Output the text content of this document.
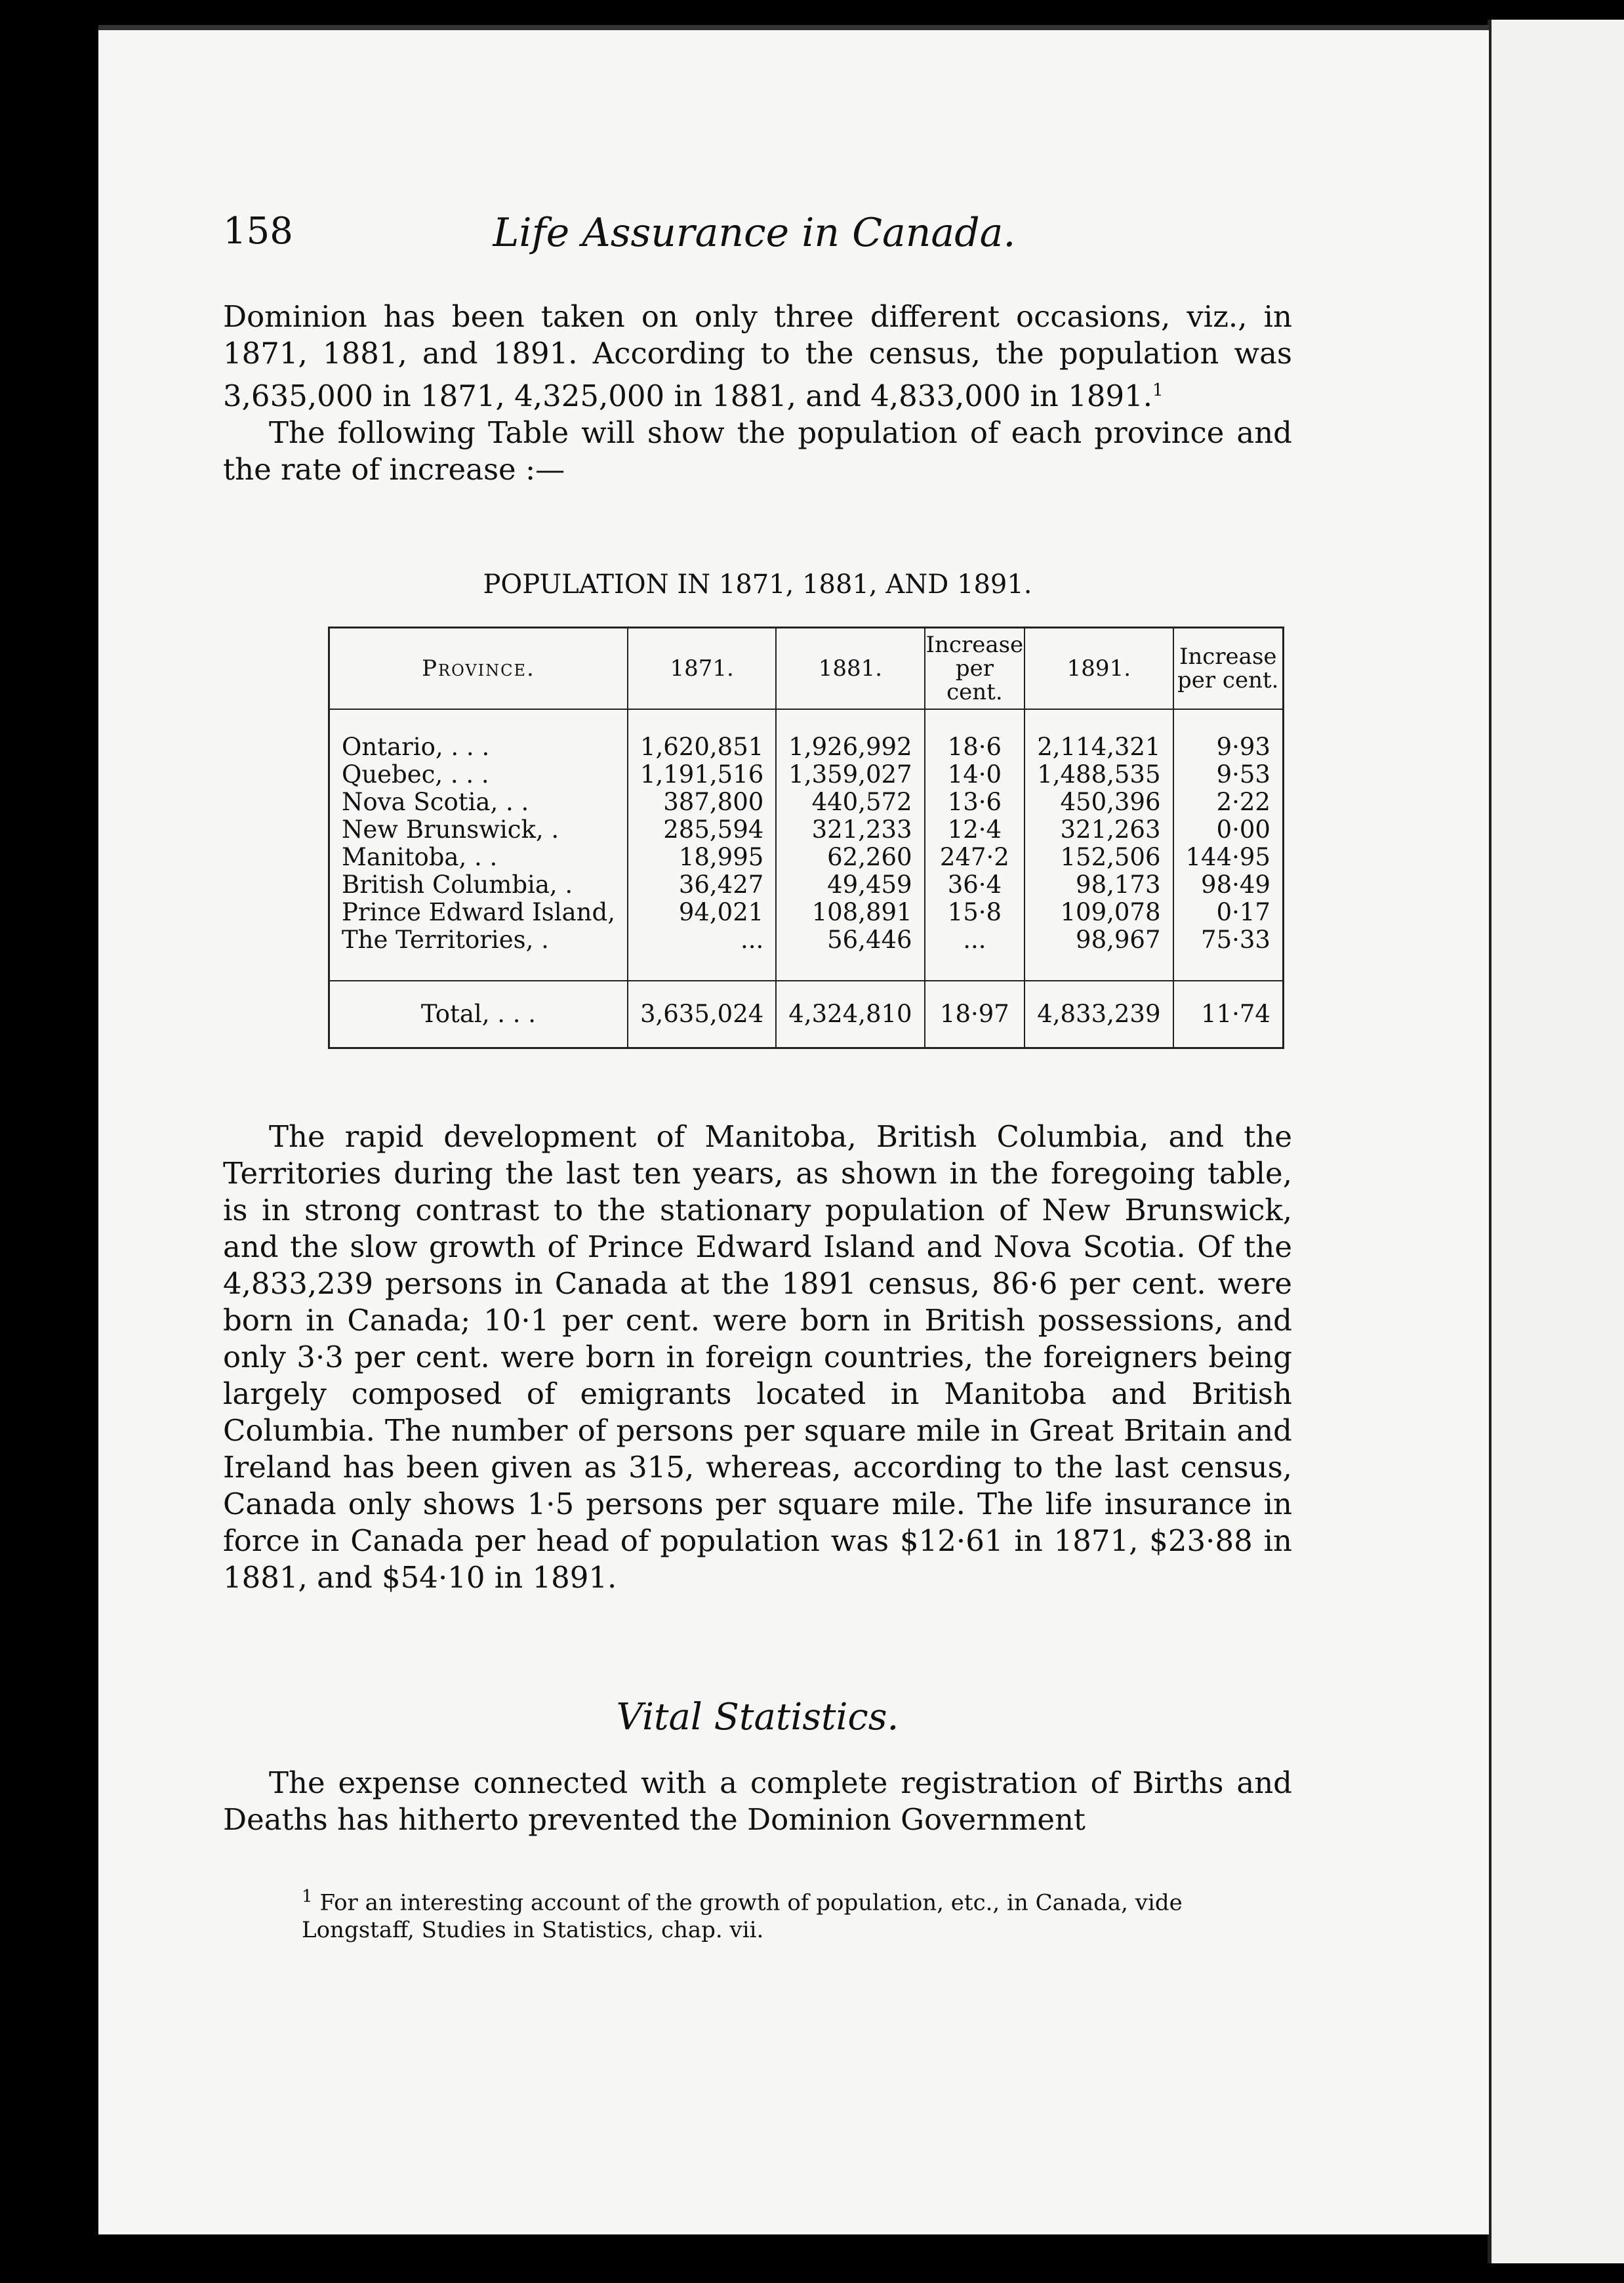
158	Life Assurance in Canada.

Dominion has been taken on only three different occasions, viz., in 1871, 1881, and 1891. According to the census, the population was 3,635,000 in 1871, 4,325,000 in 1881, and 4,833,000 in 1891.$^1$

The following Table will show the population of each province and the rate of increase :—

POPULATION IN 1871, 1881, AND 1891.
Province.	1871.	1881.	Increase per cent.	1891.	Increase per cent.

Ontario, . . .	1,620,851	1,926,992	18·6	2,114,321	9·93
Quebec, . . .	1,191,516	1,359,027	14·0	1,488,535	9·53
Nova Scotia, . .	387,800	440,572	13·6	450,396	2·22
New Brunswick, .	285,594	321,233	12·4	321,263	0·00
Manitoba, . .	18,995	62,260	247·2	152,506	144·95
British Columbia, .	36,427	49,459	36·4	98,173	98·49
Prince Edward Island,	94,021	108,891	15·8	109,078	0·17
The Territories, .	...	56,446	...	98,967	75·33

Total, . . .	3,635,024	4,324,810	18·97	4,833,239	11·74
The rapid development of Manitoba, British Columbia, and the Territories during the last ten years, as shown in the foregoing table, is in strong contrast to the stationary population of New Brunswick, and the slow growth of Prince Edward Island and Nova Scotia. Of the 4,833,239 persons in Canada at the 1891 census, 86·6 per cent. were born in Canada; 10·1 per cent. were born in British possessions, and only 3·3 per cent. were born in foreign countries, the foreigners being largely composed of emigrants located in Manitoba and British Columbia. The number of persons per square mile in Great Britain and Ireland has been given as 315, whereas, according to the last census, Canada only shows 1·5 persons per square mile. The life insurance in force in Canada per head of population was $12·61 in 1871, $23·88 in 1881, and $54·10 in 1891.
Vital Statistics.
The expense connected with a complete registration of Births and Deaths has hitherto prevented the Dominion Government
$^1$ For an interesting account of the growth of population, etc., in Canada, vide Longstaff, Studies in Statistics, chap. vii.
